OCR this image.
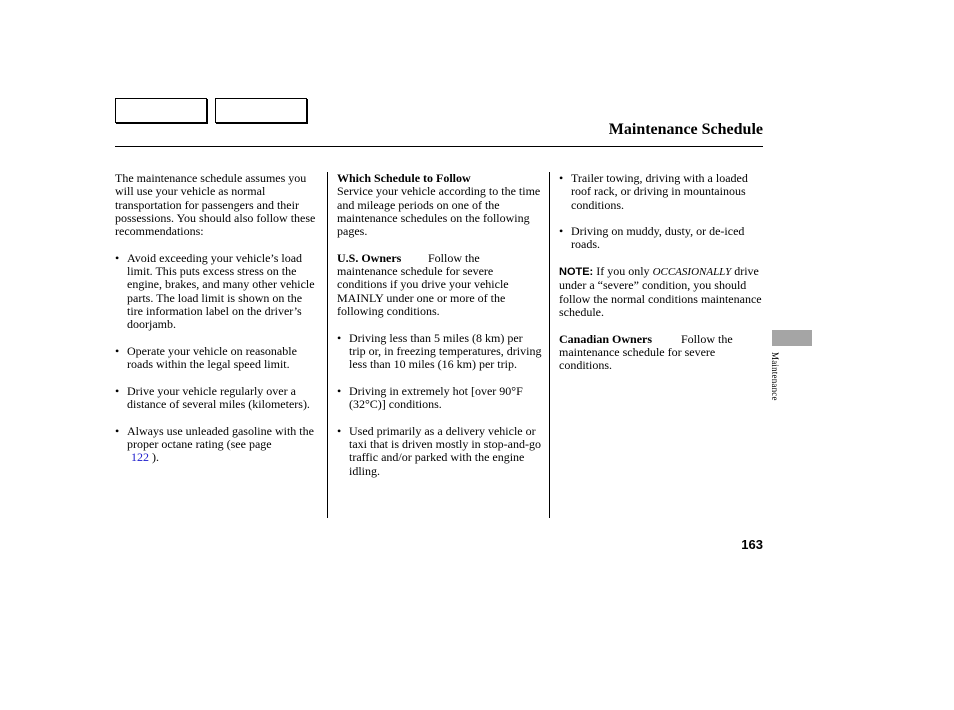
Maintenance Schedule

The maintenance schedule assumes you will use your vehicle as normal transportation for passengers and their possessions. You should also follow these recommendations:

• Avoid exceeding your vehicle’s load limit. This puts excess stress on the engine, brakes, and many other vehicle parts. The load limit is shown on the tire information label on the driver’s doorjamb.
• Operate your vehicle on reasonable roads within the legal speed limit.
• Drive your vehicle regularly over a distance of several miles (kilometers).
• Always use unleaded gasoline with the proper octane rating (see page
122 ).
Which Schedule to Follow

Service your vehicle according to the time and mileage periods on one of the maintenance schedules on the following pages.

U.S. Owners Follow the maintenance schedule for severe conditions if you drive your vehicle MAINLY under one or more of the following conditions.

• Driving less than 5 miles (8 km) per trip or, in freezing temperatures, driving less than 10 miles (16 km) per trip.
• Driving in extremely hot [over 90°F (32°C)] conditions.
• Used primarily as a delivery vehicle or taxi that is driven mostly in stop-and-go traffic and/or parked with the engine idling.
• Trailer towing, driving with a loaded roof rack, or driving in mountainous conditions.
• Driving on muddy, dusty, or de-iced roads.

NOTE: If you only OCCASIONALLY drive under a “severe” condition, you should follow the normal conditions maintenance schedule.

Canadian Owners Follow the maintenance schedule for severe conditions.	Maintenance
163
